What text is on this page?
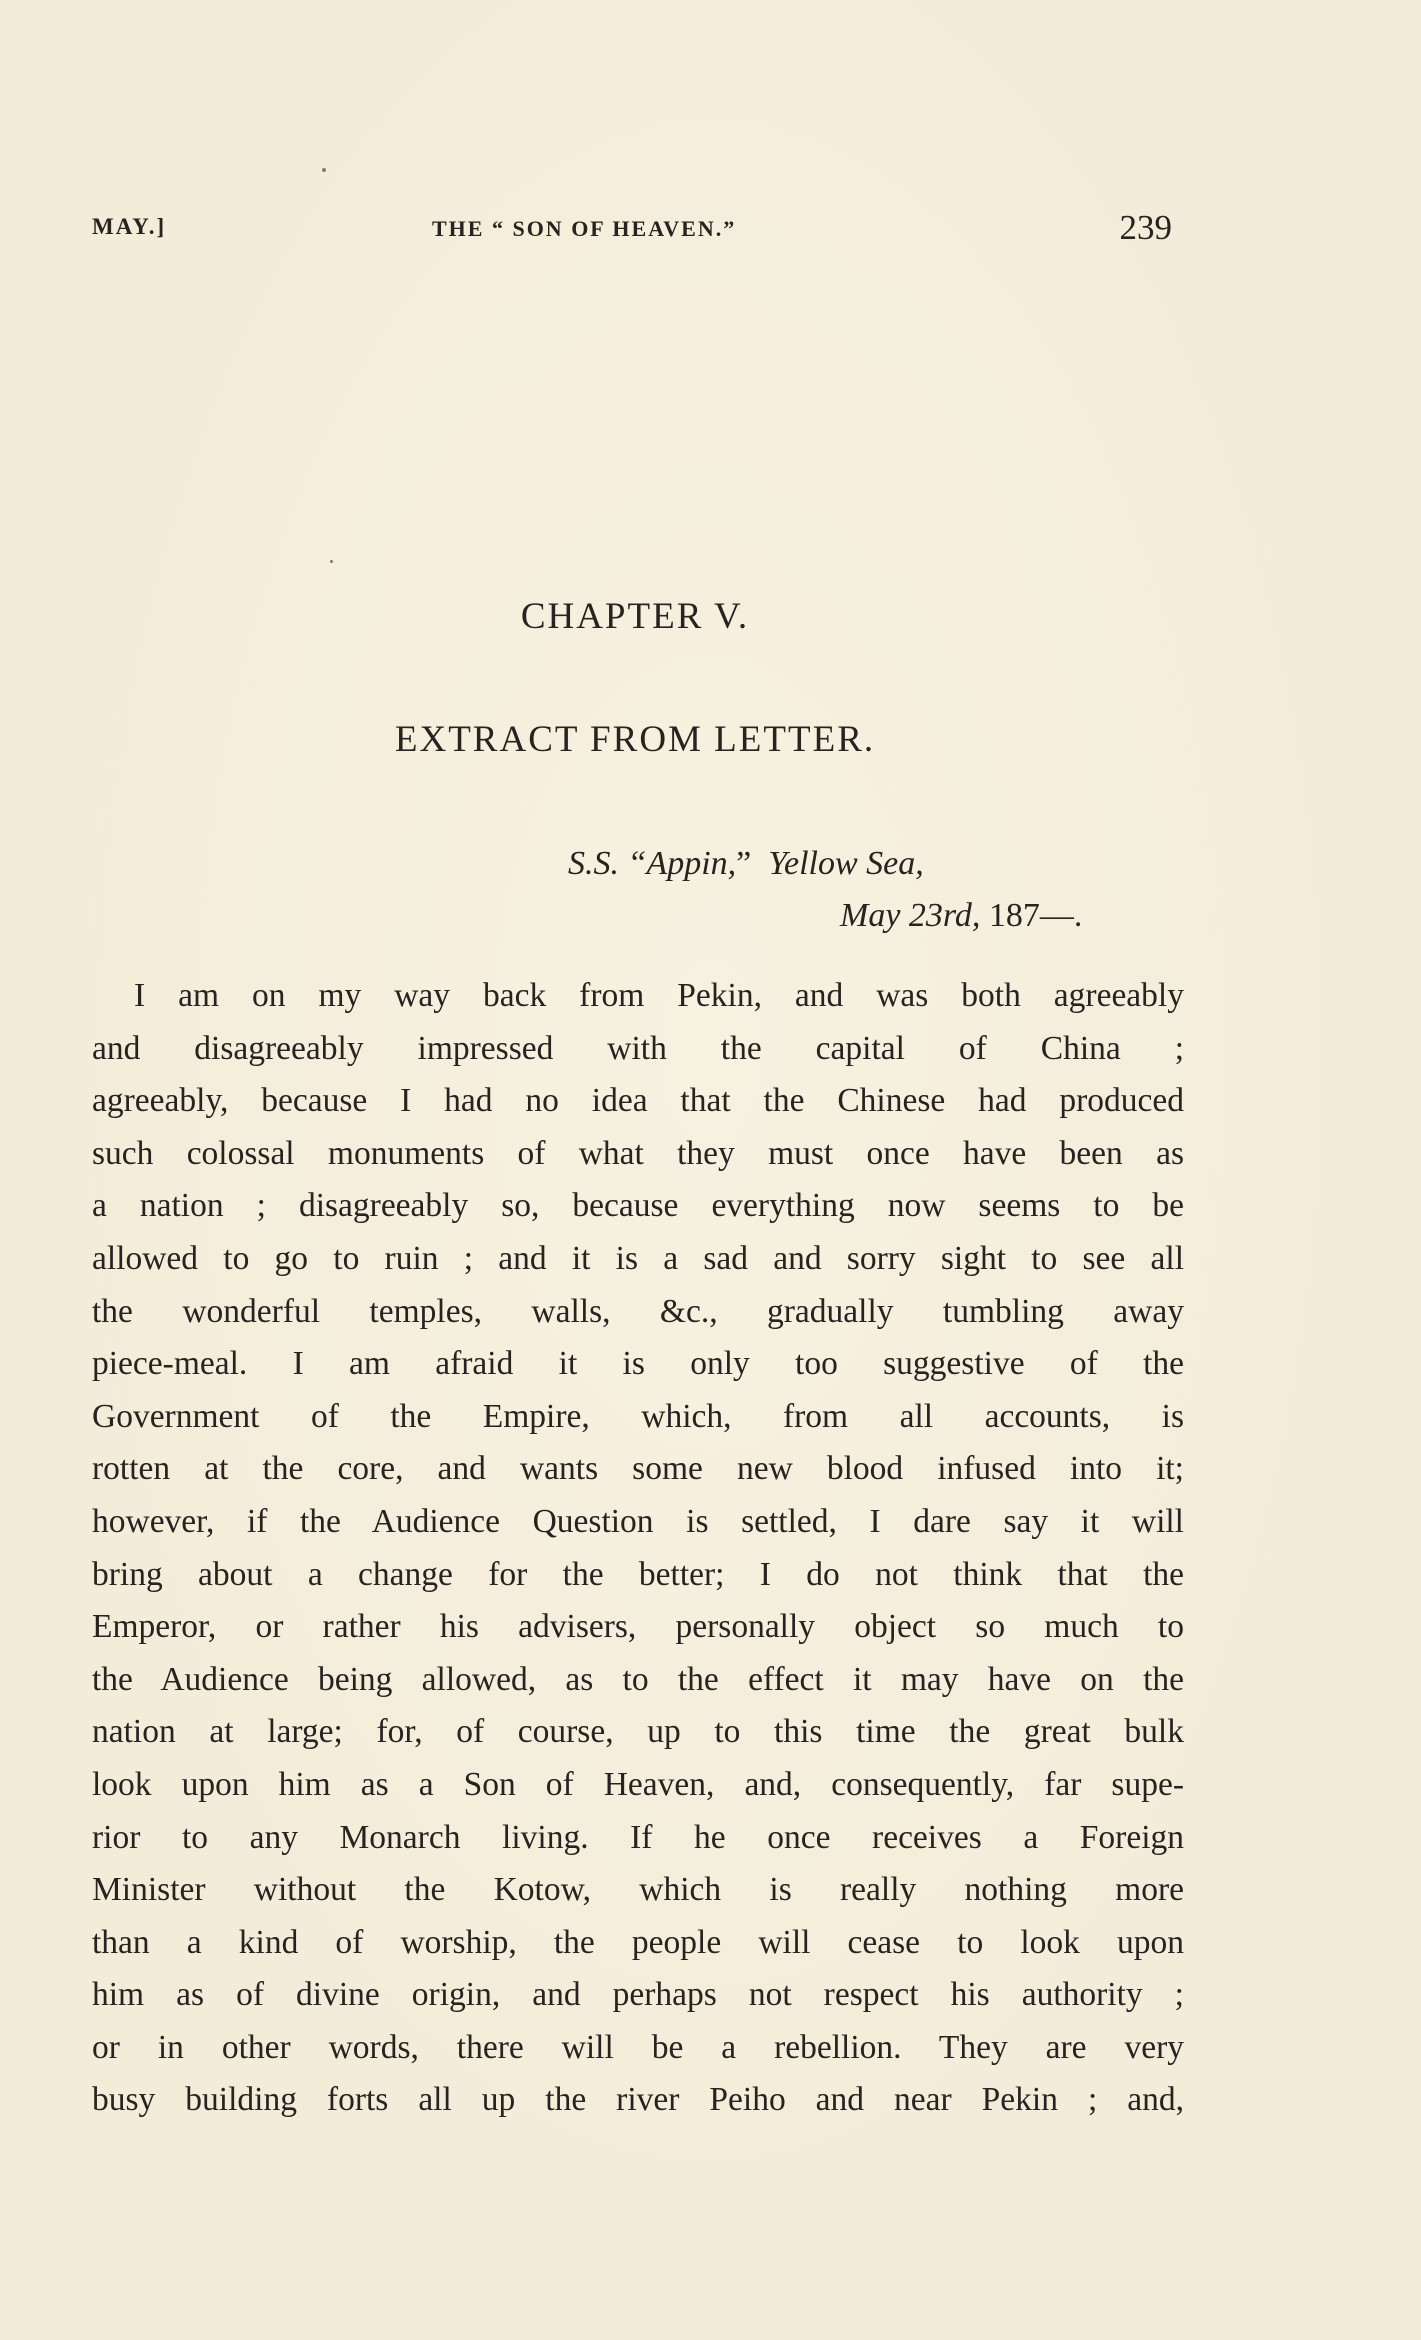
MAY.]	THE “ SON OF HEAVEN.”	239
CHAPTER V.
EXTRACT FROM LETTER.
S.S. “Appin,” Yellow Sea,
May 23rd, 187—.
I am on my way back from Pekin, and was both agreeably
and disagreeably impressed with the capital of China ;
agreeably, because I had no idea that the Chinese had produced
such colossal monuments of what they must once have been as
a nation ; disagreeably so, because everything now seems to be
allowed to go to ruin ; and it is a sad and sorry sight to see all
the wonderful temples, walls, &c., gradually tumbling away
piece-meal. I am afraid it is only too suggestive of the
Government of the Empire, which, from all accounts, is
rotten at the core, and wants some new blood infused into it;
however, if the Audience Question is settled, I dare say it will
bring about a change for the better; I do not think that the
Emperor, or rather his advisers, personally object so much to
the Audience being allowed, as to the effect it may have on the
nation at large; for, of course, up to this time the great bulk
look upon him as a Son of Heaven, and, consequently, far supe-
rior to any Monarch living. If he once receives a Foreign
Minister without the Kotow, which is really nothing more
than a kind of worship, the people will cease to look upon
him as of divine origin, and perhaps not respect his authority ;
or in other words, there will be a rebellion. They are very
busy building forts all up the river Peiho and near Pekin ; and,
